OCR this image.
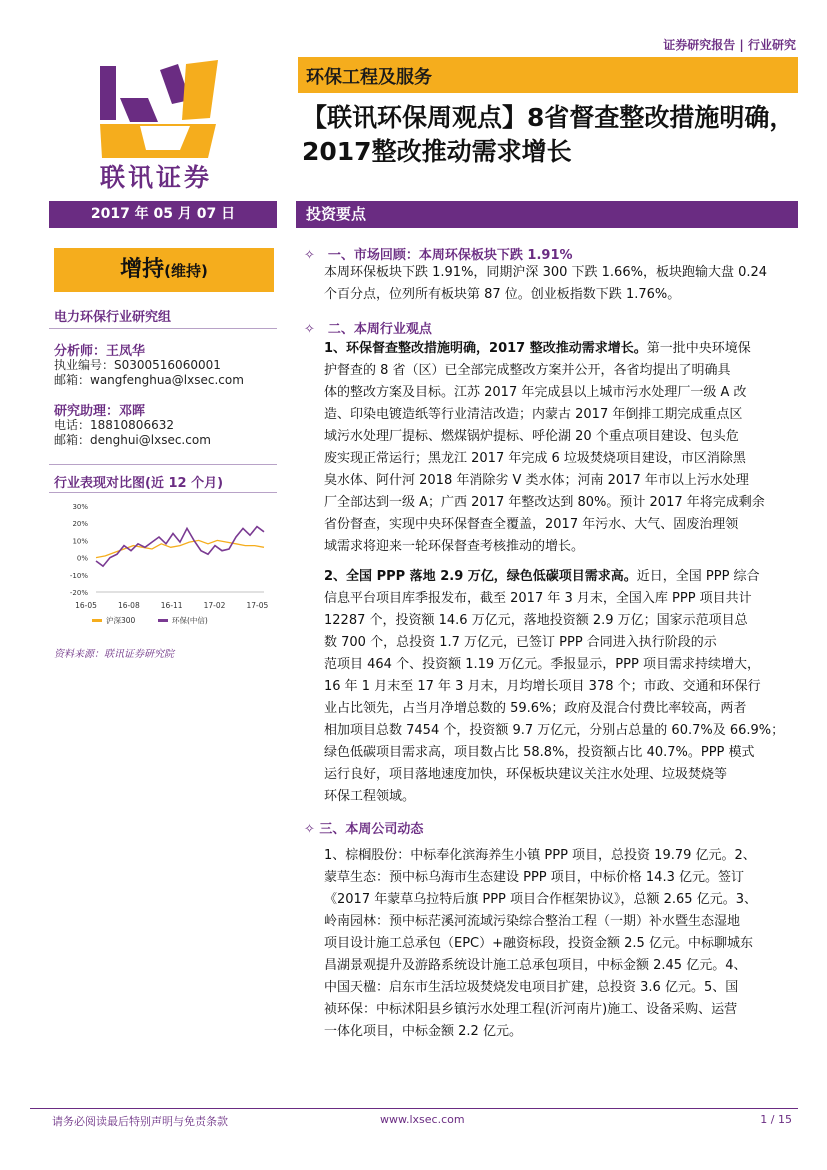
证券研究报告 | 行业研究
联讯证券
环保工程及服务
【联讯环保周观点】8省督查整改措施明确，2017整改推动需求增长
2017 年 05 月 07 日	投资要点
增持(维持)
电力环保行业研究组
分析师：王凤华
执业编号：S0300516060001
邮箱：wangfenghua@lxsec.com
研究助理：邓晖
电话：18810806632
邮箱：denghui@lxsec.com
行业表现对比图(近 12 个月)
30%
20%
10%
0%
-10%
-20%
16-05	16-08	16-11	17-02	17-05
沪深300	环保(中信)
资料来源：联讯证券研究院
✧　一、市场回顾：本周环保板块下跌 1.91%
本周环保板块下跌 1.91%，同期沪深 300 下跌 1.66%，板块跑输大盘 0.24
个百分点，位列所有板块第 87 位。创业板指数下跌 1.76%。
✧　二、本周行业观点
1、环保督查整改措施明确，2017 整改推动需求增长。第一批中央环境保
护督查的 8 省（区）已全部完成整改方案并公开，各省均提出了明确具
体的整改方案及目标。江苏 2017 年完成县以上城市污水处理厂一级 A 改
造、印染电镀造纸等行业清洁改造；内蒙古 2017 年倒排工期完成重点区
域污水处理厂提标、燃煤锅炉提标、呼伦湖 20 个重点项目建设、包头危
废实现正常运行；黑龙江 2017 年完成 6 垃圾焚烧项目建设，市区消除黑
臭水体、阿什河 2018 年消除劣 V 类水体；河南 2017 年市以上污水处理
厂全部达到一级 A；广西 2017 年整改达到 80%。预计 2017 年将完成剩余
省份督查，实现中央环保督查全覆盖，2017 年污水、大气、固废治理领
域需求将迎来一轮环保督查考核推动的增长。
2、全国 PPP 落地 2.9 万亿，绿色低碳项目需求高。近日，全国 PPP 综合
信息平台项目库季报发布，截至 2017 年 3 月末，全国入库 PPP 项目共计
12287 个，投资额 14.6 万亿元，落地投资额 2.9 万亿；国家示范项目总
数 700 个，总投资 1.7 万亿元，已签订 PPP 合同进入执行阶段的示
范项目 464 个、投资额 1.19 万亿元。季报显示，PPP 项目需求持续增大，
16 年 1 月末至 17 年 3 月末，月均增长项目 378 个；市政、交通和环保行
业占比领先，占当月净增总数的 59.6%；政府及混合付费比率较高，两者
相加项目总数 7454 个，投资额 9.7 万亿元，分别占总量的 60.7%及 66.9%；
绿色低碳项目需求高，项目数占比 58.8%，投资额占比 40.7%。PPP 模式
运行良好，项目落地速度加快，环保板块建议关注水处理、垃圾焚烧等
环保工程领域。
✧ 三、本周公司动态
1、棕榈股份：中标奉化滨海养生小镇 PPP 项目，总投资 19.79 亿元。2、
蒙草生态：预中标乌海市生态建设 PPP 项目，中标价格 14.3 亿元。签订
《2017 年蒙草乌拉特后旗 PPP 项目合作框架协议》，总额 2.65 亿元。3、
岭南园林：预中标茫溪河流域污染综合整治工程（一期）补水暨生态湿地
项目设计施工总承包（EPC）+融资标段，投资金额 2.5 亿元。中标聊城东
昌湖景观提升及游路系统设计施工总承包项目，中标金额 2.45 亿元。4、
中国天楹：启东市生活垃圾焚烧发电项目扩建，总投资 3.6 亿元。5、国
祯环保：中标沭阳县乡镇污水处理工程(沂河南片)施工、设备采购、运营
一体化项目，中标金额 2.2 亿元。
请务必阅读最后特别声明与免责条款	www.lxsec.com	1 / 15
